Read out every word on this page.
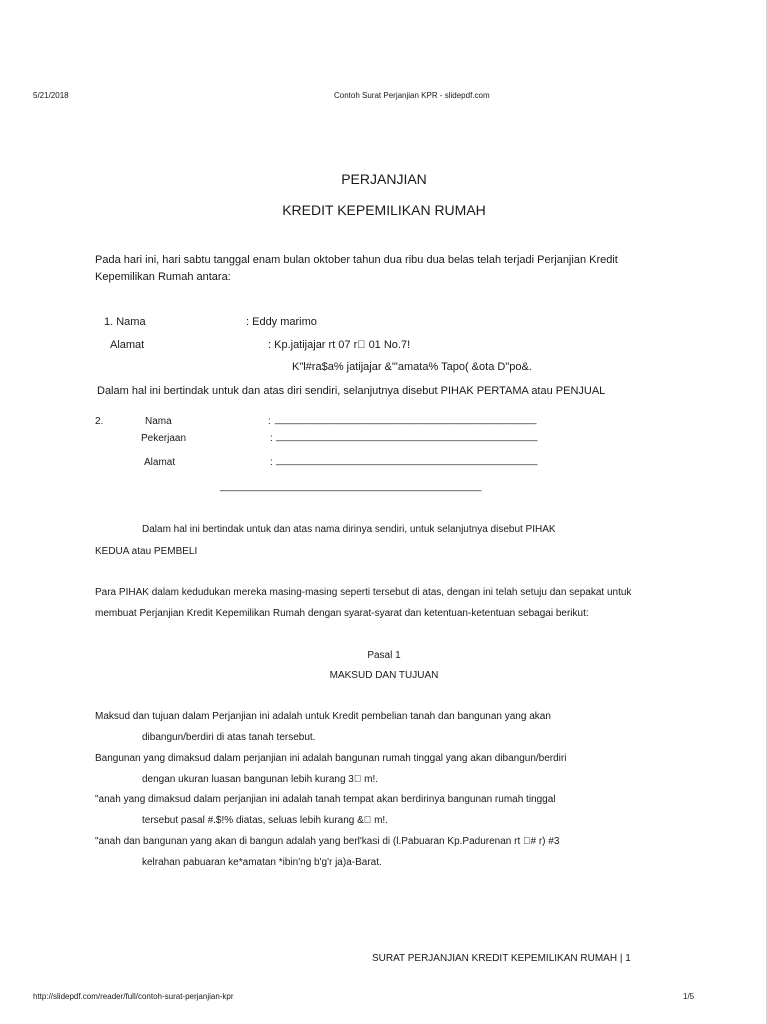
5/21/2018	Contoh Surat Perjanjian KPR - slidepdf.com
PERJANJIAN
KREDIT KEPEMILIKAN RUMAH
Pada hari ini, hari sabtu tanggal enam bulan oktober tahun dua ribu dua belas telah terjadi Perjanjian Kredit
Kepemilikan Rumah antara:
1. Nama	: Eddy marimo
Alamat	: Kp.jatijajar rt 07 r  01 No.7!
K"l#ra$a% jatijajar &"'amata% Tapo( &ota D"po&.
Dalam hal ini bertindak untuk dan atas diri sendiri, selanjutnya disebut PIHAK PERTAMA atau PENJUAL
2.	Nama	: _______________________________________________
Pekerjaan	: _______________________________________________
Alamat	: _______________________________________________
_______________________________________________
Dalam hal ini bertindak untuk dan atas nama dirinya sendiri, untuk selanjutnya disebut PIHAK
KEDUA atau PEMBELI
Para PIHAK dalam kedudukan mereka masing-masing seperti tersebut di atas, dengan ini telah setuju dan sepakat untuk
membuat Perjanjian Kredit Kepemilikan Rumah dengan syarat-syarat dan ketentuan-ketentuan sebagai berikut:
Pasal 1
MAKSUD DAN TUJUAN
Maksud dan tujuan dalam Perjanjian ini adalah untuk Kredit pembelian tanah dan bangunan yang akan
dibangun/berdiri di atas tanah tersebut.
Bangunan yang dimaksud dalam perjanjian ini adalah bangunan rumah tinggal yang akan dibangun/berdiri
dengan ukuran luasan bangunan lebih kurang 3  m!.
"anah yang dimaksud dalam perjanjian ini adalah tanah tempat akan berdirinya bangunan rumah tinggal
tersebut pasal #.$!% diatas, seluas lebih kurang &  m!.
"anah dan bangunan yang akan di bangun adalah yang berl'kasi di (l.Pabuaran Kp.Padurenan rt  # r) #3
kelrahan pabuaran ke*amatan *ibin'ng b'g'r ja)a-Barat.
SURAT PERJANJIAN KREDIT KEPEMILIKAN RUMAH | 1
http://slidepdf.com/reader/full/contoh-surat-perjanjian-kpr	1/5
